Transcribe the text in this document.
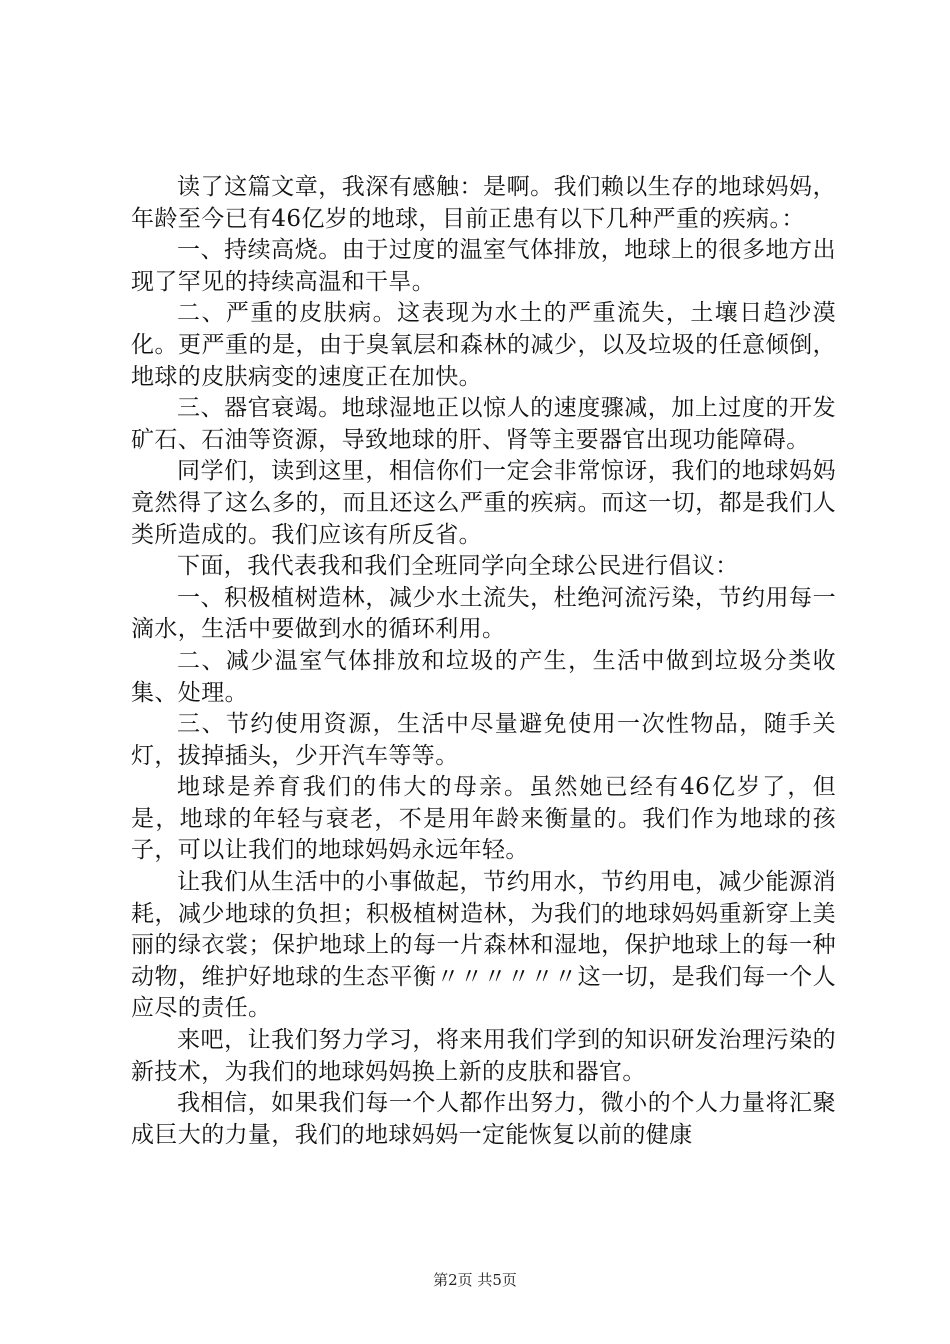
读了这篇文章，我深有感触：是啊。我们赖以生存的地球妈妈，年龄至今已有46亿岁的地球，目前正患有以下几种严重的疾病。：

一、持续高烧。由于过度的温室气体排放，地球上的很多地方出现了罕见的持续高温和干旱。

二、严重的皮肤病。这表现为水土的严重流失，土壤日趋沙漠化。更严重的是，由于臭氧层和森林的减少，以及垃圾的任意倾倒，地球的皮肤病变的速度正在加快。

三、器官衰竭。地球湿地正以惊人的速度骤减，加上过度的开发矿石、石油等资源，导致地球的肝、肾等主要器官出现功能障碍。

同学们，读到这里，相信你们一定会非常惊讶，我们的地球妈妈竟然得了这么多的，而且还这么严重的疾病。而这一切，都是我们人类所造成的。我们应该有所反省。

下面，我代表我和我们全班同学向全球公民进行倡议：

一、积极植树造林，减少水土流失，杜绝河流污染，节约用每一滴水，生活中要做到水的循环利用。

二、减少温室气体排放和垃圾的产生，生活中做到垃圾分类收集、处理。

三、节约使用资源，生活中尽量避免使用一次性物品，随手关灯，拔掉插头，少开汽车等等。

地球是养育我们的伟大的母亲。虽然她已经有46亿岁了，但是，地球的年轻与衰老，不是用年龄来衡量的。我们作为地球的孩子，可以让我们的地球妈妈永远年轻。

让我们从生活中的小事做起，节约用水，节约用电，减少能源消耗，减少地球的负担；积极植树造林，为我们的地球妈妈重新穿上美丽的绿衣裳；保护地球上的每一片森林和湿地，保护地球上的每一种动物，维护好地球的生态平衡〃〃〃〃〃〃这一切，是我们每一个人应尽的责任。

来吧，让我们努力学习，将来用我们学到的知识研发治理污染的新技术，为我们的地球妈妈换上新的皮肤和器官。

我相信，如果我们每一个人都作出努力，微小的个人力量将汇聚成巨大的力量，我们的地球妈妈一定能恢复以前的健康

第2页 共5页
